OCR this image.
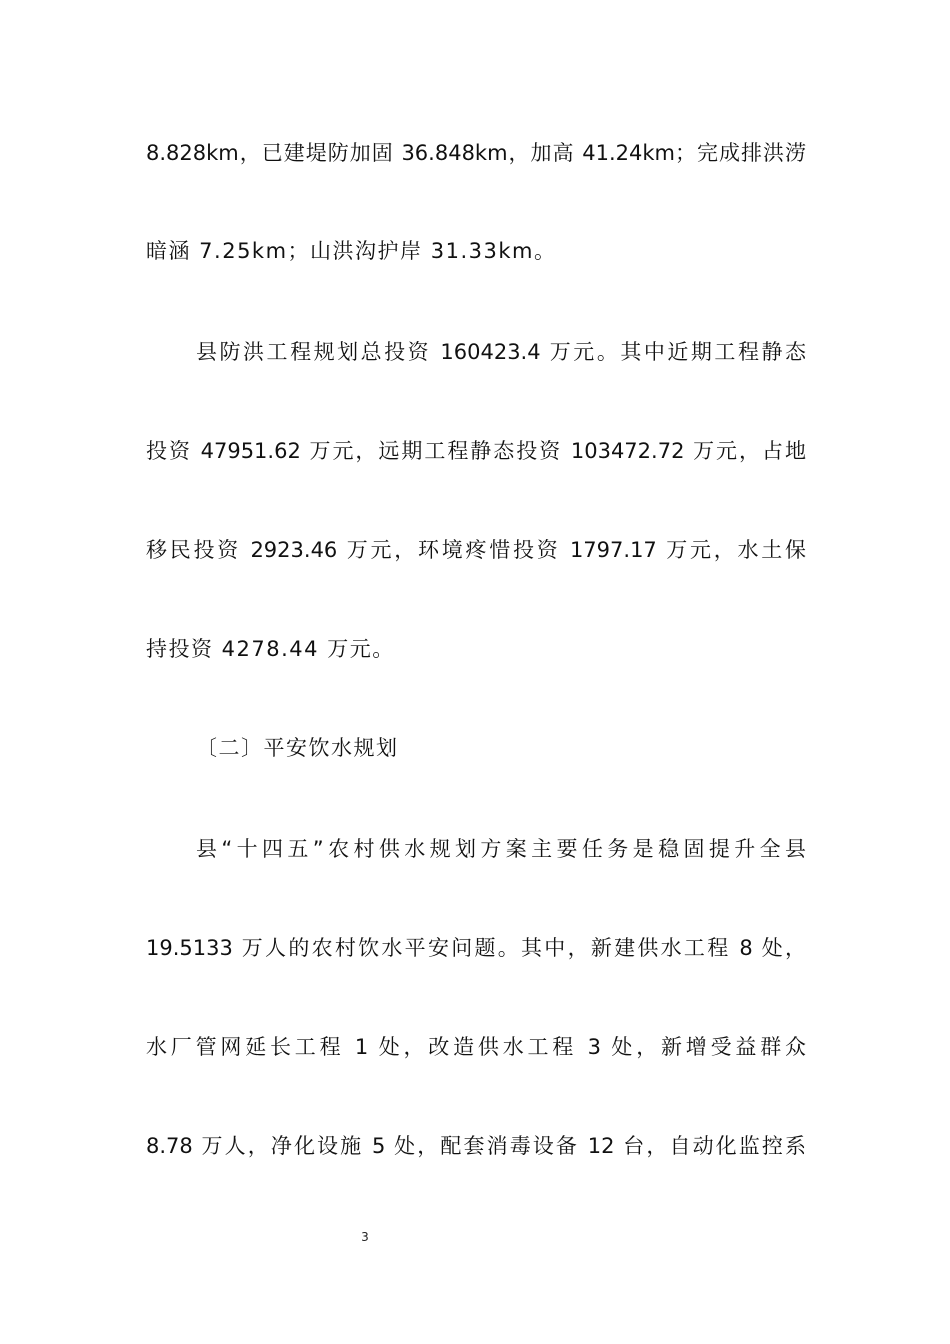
8.828km，已建堤防加固 36.848km，加高 41.24km；完成排洪涝

暗涵 7.25km；山洪沟护岸 31.33km。

县防洪工程规划总投资 160423.4 万元。其中近期工程静态

投资 47951.62 万元，远期工程静态投资 103472.72 万元，占地

移民投资 2923.46 万元，环境疼惜投资 1797.17 万元，水土保

持投资 4278.44 万元。

〔二〕平安饮水规划

县“十四五”农村供水规划方案主要任务是稳固提升全县

19.5133 万人的农村饮水平安问题。其中，新建供水工程 8 处，

水厂管网延长工程 1 处，改造供水工程 3 处，新增受益群众

8.78 万人，净化设施 5 处，配套消毒设备 12 台，自动化监控系

3
